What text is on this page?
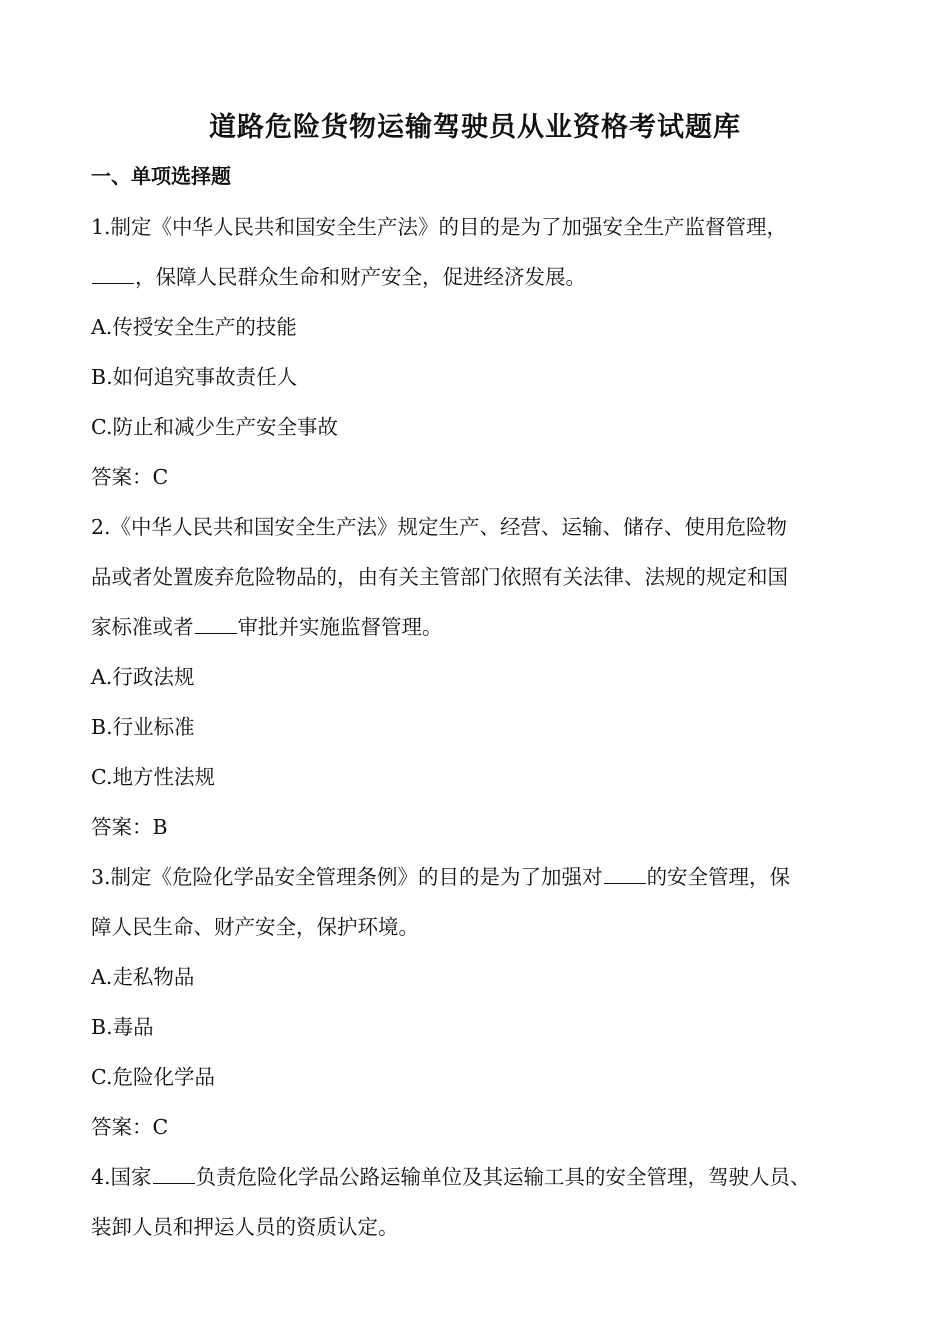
道路危险货物运输驾驶员从业资格考试题库
一、单项选择题
1.制定《中华人民共和国安全生产法》的目的是为了加强安全生产监督管理，
，保障人民群众生命和财产安全，促进经济发展。
A.传授安全生产的技能
B.如何追究事故责任人
C.防止和减少生产安全事故
答案：C
2.《中华人民共和国安全生产法》规定生产、经营、运输、储存、使用危险物
品或者处置废弃危险物品的，由有关主管部门依照有关法律、法规的规定和国
家标准或者 审批并实施监督管理。
A.行政法规
B.行业标准
C.地方性法规
答案：B
3.制定《危险化学品安全管理条例》的目的是为了加强对 的安全管理，保
障人民生命、财产安全，保护环境。
A.走私物品
B.毒品
C.危险化学品
答案：C
4.国家 负责危险化学品公路运输单位及其运输工具的安全管理，驾驶人员、
装卸人员和押运人员的资质认定。
